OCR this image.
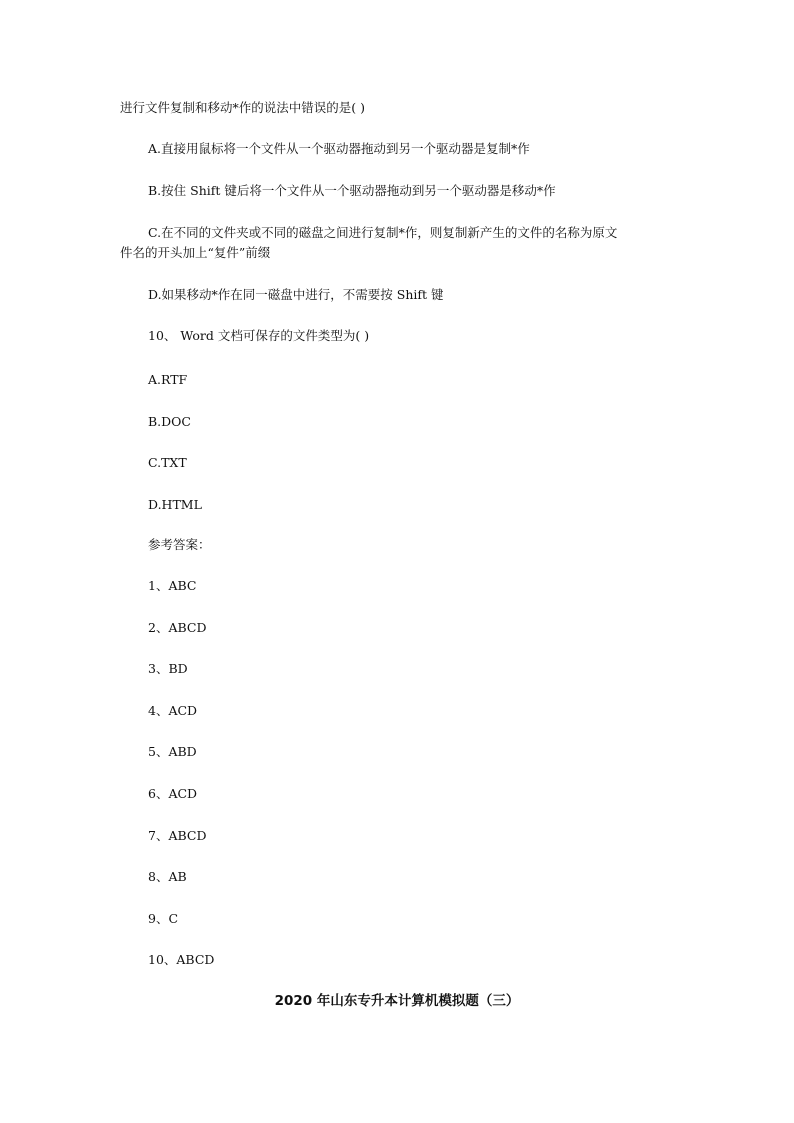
进行文件复制和移动*作的说法中错误的是( )
A.直接用鼠标将一个文件从一个驱动器拖动到另一个驱动器是复制*作
B.按住 Shift 键后将一个文件从一个驱动器拖动到另一个驱动器是移动*作
C.在不同的文件夹或不同的磁盘之间进行复制*作，则复制新产生的文件的名称为原文
件名的开头加上“复件”前缀
D.如果移动*作在同一磁盘中进行，不需要按 Shift 键
10、 Word 文档可保存的文件类型为( )
A.RTF
B.DOC
C.TXT
D.HTML
参考答案：
1、ABC
2、ABCD
3、BD
4、ACD
5、ABD
6、ACD
7、ABCD
8、AB
9、C
10、ABCD
2020 年山东专升本计算机模拟题（三）
